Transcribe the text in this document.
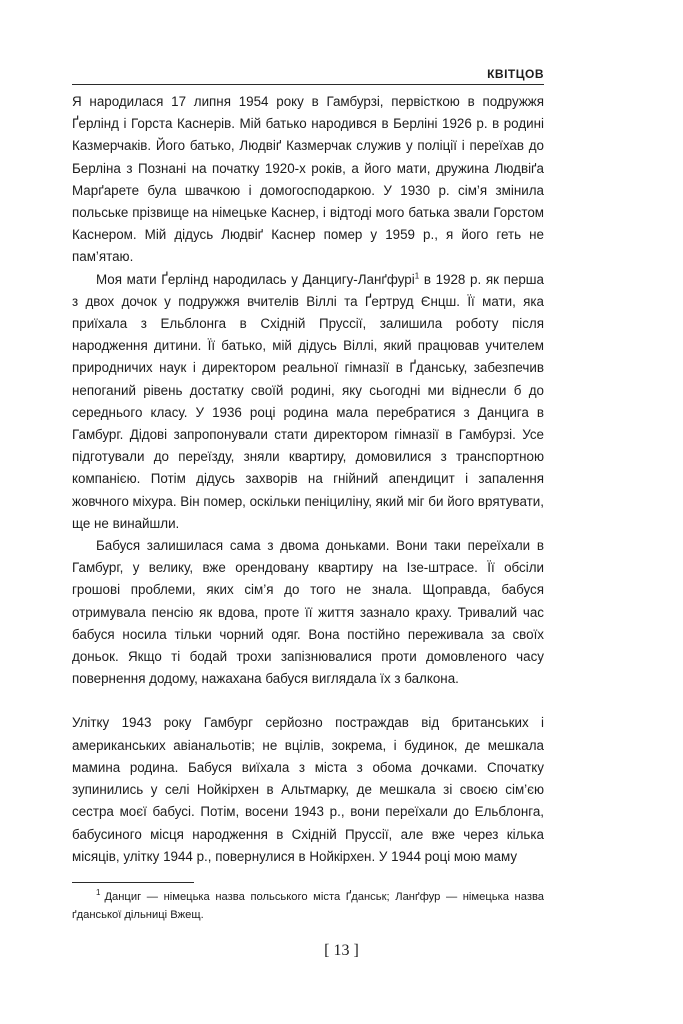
КВІТЦОВ

Я народилася 17 липня 1954 року в Гамбурзі, первісткою в подружжя Ґерлінд і Горста Каснерів. Мій батько народився в Берліні 1926 р. в родині Казмерчаків. Його батько, Людвіґ Казмерчак служив у поліції і переїхав до Берліна з Познані на початку 1920-х років, а його мати, дружина Людвіґа Марґарете була швачкою і домогосподаркою. У 1930 р. сім’я змінила польське прізвище на німецьке Каснер, і відтоді мого батька звали Горстом Каснером. Мій дідусь Людвіґ Каснер помер у 1959 р., я його геть не пам’ятаю.

Моя мати Ґерлінд народилась у Данцигу-Ланґфурі$^1$ в 1928 р. як перша з двох дочок у подружжя вчителів Віллі та Ґертруд Єнцш. Її мати, яка приїхала з Ельблонга в Східній Пруссії, залишила роботу після народження дитини. Її батько, мій дідусь Віллі, який працював учителем природничих наук і директором реальної гімназії в Ґданську, забезпечив непоганий рівень достатку своїй родині, яку сьогодні ми віднесли б до середнього класу. У 1936 році родина мала перебратися з Данцига в Гамбург. Дідові запропонували стати директором гімназії в Гамбурзі. Усе підготували до переїзду, зняли квартиру, домовилися з транспортною компанією. Потім дідусь захворів на гнійний апендицит і запалення жовчного міхура. Він помер, оскільки пеніциліну, який міг би його врятувати, ще не винайшли.

Бабуся залишилася сама з двома доньками. Вони таки переїхали в Гамбург, у велику, вже орендовану квартиру на Ізе-штрасе. Її обсіли грошові проблеми, яких сім’я до того не знала. Щоправда, бабуся отримувала пенсію як вдова, проте її життя зазнало краху. Тривалий час бабуся носила тільки чорний одяг. Вона постійно переживала за своїх доньок. Якщо ті бодай трохи запізнювалися проти домовленого часу повернення додому, нажахана бабуся виглядала їх з балкона.

Улітку 1943 року Гамбург серйозно постраждав від британських і американських авіанальотів; не вцілів, зокрема, і будинок, де мешкала мамина родина. Бабуся виїхала з міста з обома дочками. Спочатку зупинились у селі Нойкірхен в Альтмарку, де мешкала зі своєю сім’єю сестра моєї бабусі. Потім, восени 1943 р., вони переїхали до Ельблонга, бабусиного місця народження в Східній Пруссії, але вже через кілька місяців, улітку 1944 р., повернулися в Нойкірхен. У 1944 році мою маму

$^1$ Данциг — німецька назва польського міста Ґданськ; Ланґфур — німецька назва ґданської дільниці Вжещ.
[ 13 ]
